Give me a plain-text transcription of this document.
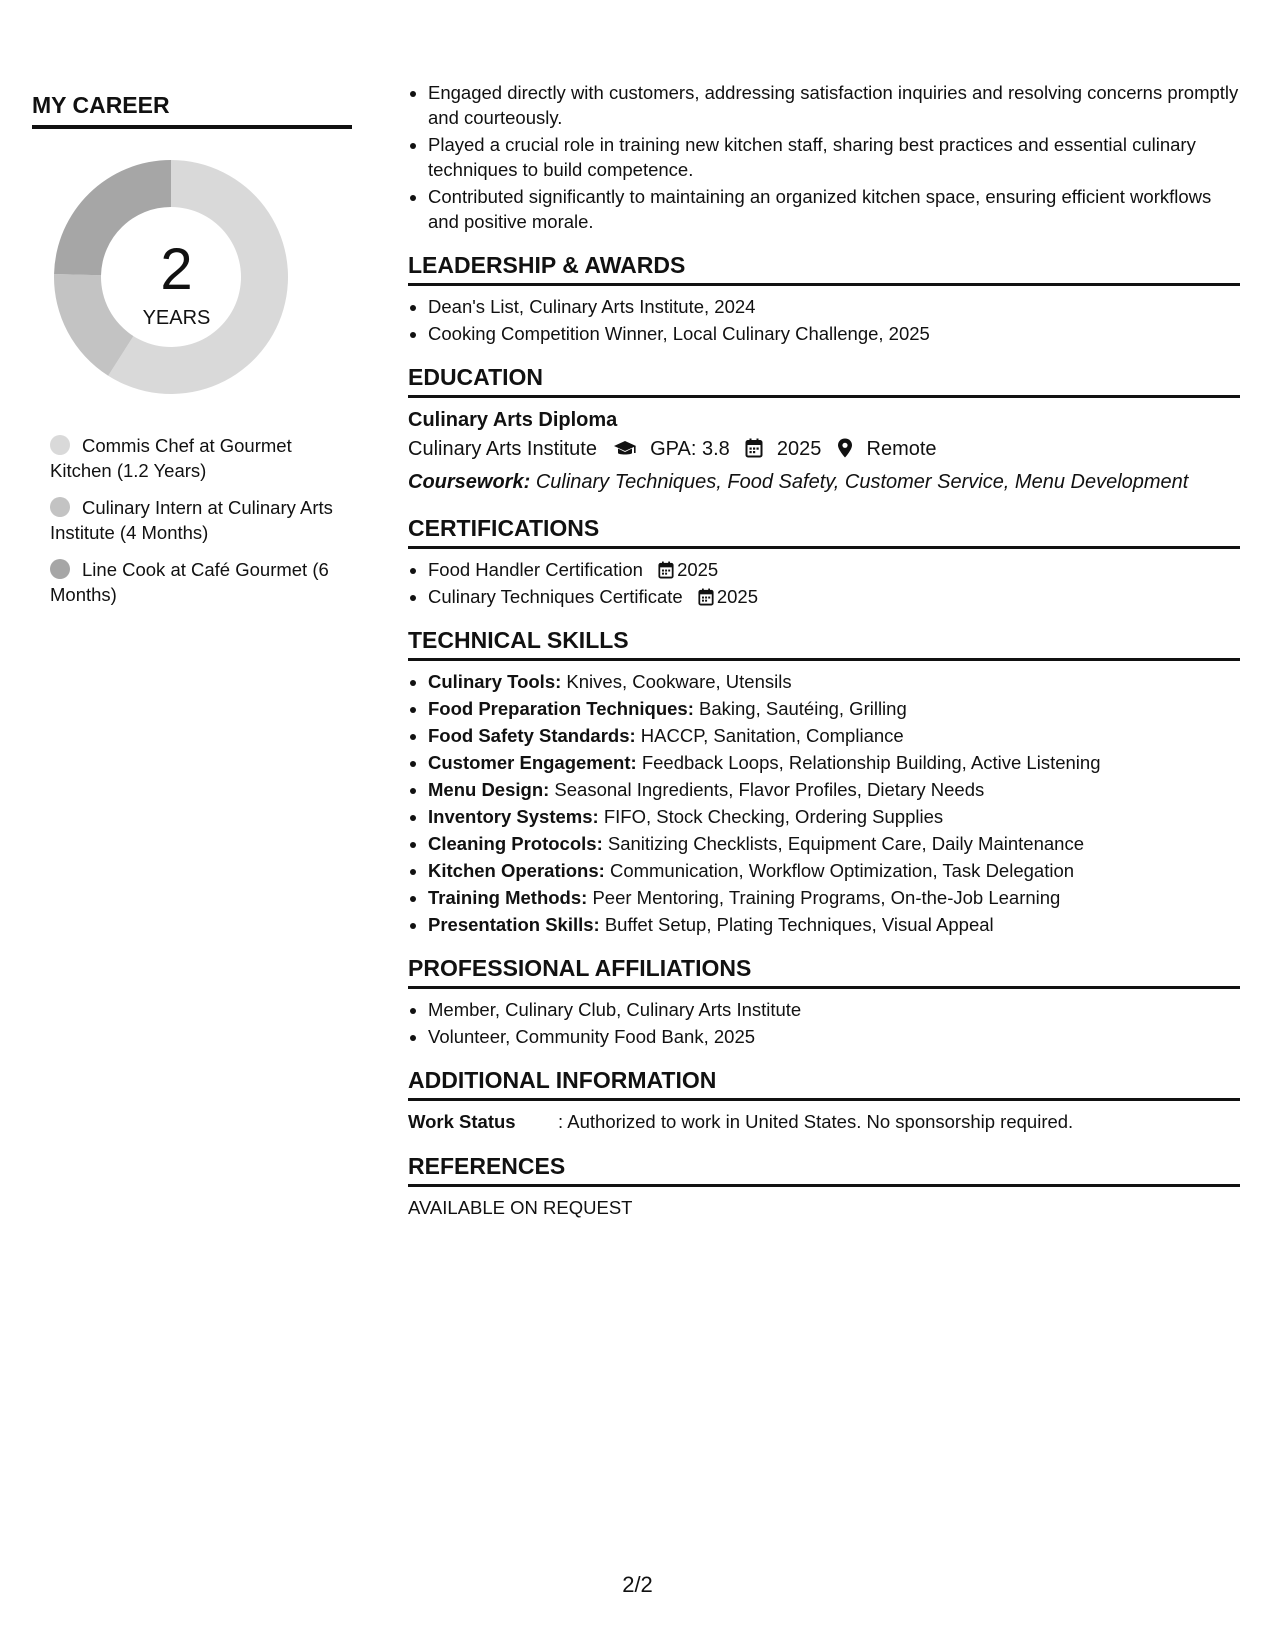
MY CAREER
2
YEARS
Commis Chef at Gourmet Kitchen (1.2 Years)
Culinary Intern at Culinary Arts Institute (4 Months)
Line Cook at Café Gourmet (6 Months)
• Engaged directly with customers, addressing satisfaction inquiries and resolving concerns promptly and courteously.
• Played a crucial role in training new kitchen staff, sharing best practices and essential culinary techniques to build competence.
• Contributed significantly to maintaining an organized kitchen space, ensuring efficient workflows and positive morale.
LEADERSHIP & AWARDS
• Dean's List, Culinary Arts Institute, 2024
• Cooking Competition Winner, Local Culinary Challenge, 2025
EDUCATION
Culinary Arts Diploma
Culinary Arts Institute	GPA: 3.8 2025 Remote
Coursework: Culinary Techniques, Food Safety, Customer Service, Menu Development
CERTIFICATIONS
• Food Handler Certification 2025
• Culinary Techniques Certificate 2025
TECHNICAL SKILLS
• Culinary Tools: Knives, Cookware, Utensils
• Food Preparation Techniques: Baking, Sautéing, Grilling
• Food Safety Standards: HACCP, Sanitation, Compliance
• Customer Engagement: Feedback Loops, Relationship Building, Active Listening
• Menu Design: Seasonal Ingredients, Flavor Profiles, Dietary Needs
• Inventory Systems: FIFO, Stock Checking, Ordering Supplies
• Cleaning Protocols: Sanitizing Checklists, Equipment Care, Daily Maintenance
• Kitchen Operations: Communication, Workflow Optimization, Task Delegation
• Training Methods: Peer Mentoring, Training Programs, On-the-Job Learning
• Presentation Skills: Buffet Setup, Plating Techniques, Visual Appeal
PROFESSIONAL AFFILIATIONS
• Member, Culinary Club, Culinary Arts Institute
• Volunteer, Community Food Bank, 2025
ADDITIONAL INFORMATION
Work Status : Authorized to work in United States. No sponsorship required.
REFERENCES
AVAILABLE ON REQUEST
2/2
